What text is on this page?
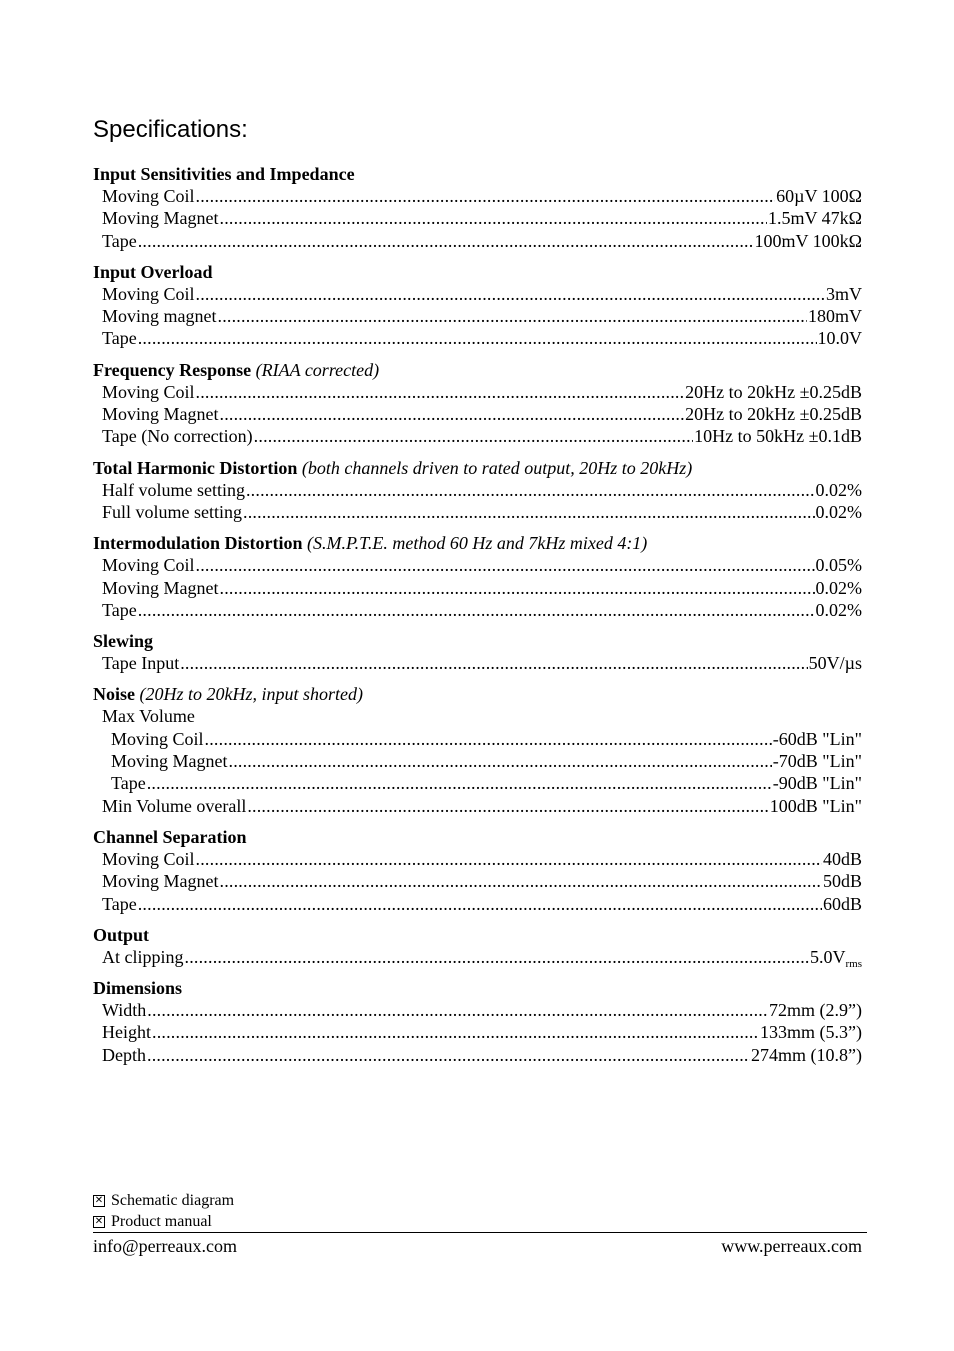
Specifications:
Input Sensitivities and Impedance
Moving Coil .....	60µV 100Ω
Moving Magnet .....	1.5mV 47kΩ
Tape .....	100mV 100kΩ
Input Overload
Moving Coil .....	3mV
Moving magnet .....	180mV
Tape .....	10.0V
Frequency Response (RIAA corrected)
Moving Coil .....	20Hz to 20kHz ±0.25dB
Moving Magnet .....	20Hz to 20kHz ±0.25dB
Tape (No correction) .....	10Hz to 50kHz ±0.1dB
Total Harmonic Distortion (both channels driven to rated output, 20Hz to 20kHz)
Half volume setting .....	0.02%
Full volume setting .....	0.02%
Intermodulation Distortion (S.M.P.T.E. method 60 Hz and 7kHz mixed 4:1)
Moving Coil .....	0.05%
Moving Magnet .....	0.02%
Tape .....	0.02%
Slewing
Tape Input .....	50V/µs
Noise (20Hz to 20kHz, input shorted)
Max Volume
Moving Coil .....	-60dB "Lin"
Moving Magnet .....	-70dB "Lin"
Tape .....	-90dB "Lin"
Min Volume overall .....	100dB "Lin"
Channel Separation
Moving Coil .....	40dB
Moving Magnet .....	50dB
Tape .....	60dB
Output
At clipping .....	$5.0V_{rms}$
Dimensions
Width .....	72mm (2.9”)
Height .....	133mm (5.3”)
Depth .....	274mm (10.8”)
✕ Schematic diagram
✕ Product manual
info@perreaux.com	www.perreaux.com
